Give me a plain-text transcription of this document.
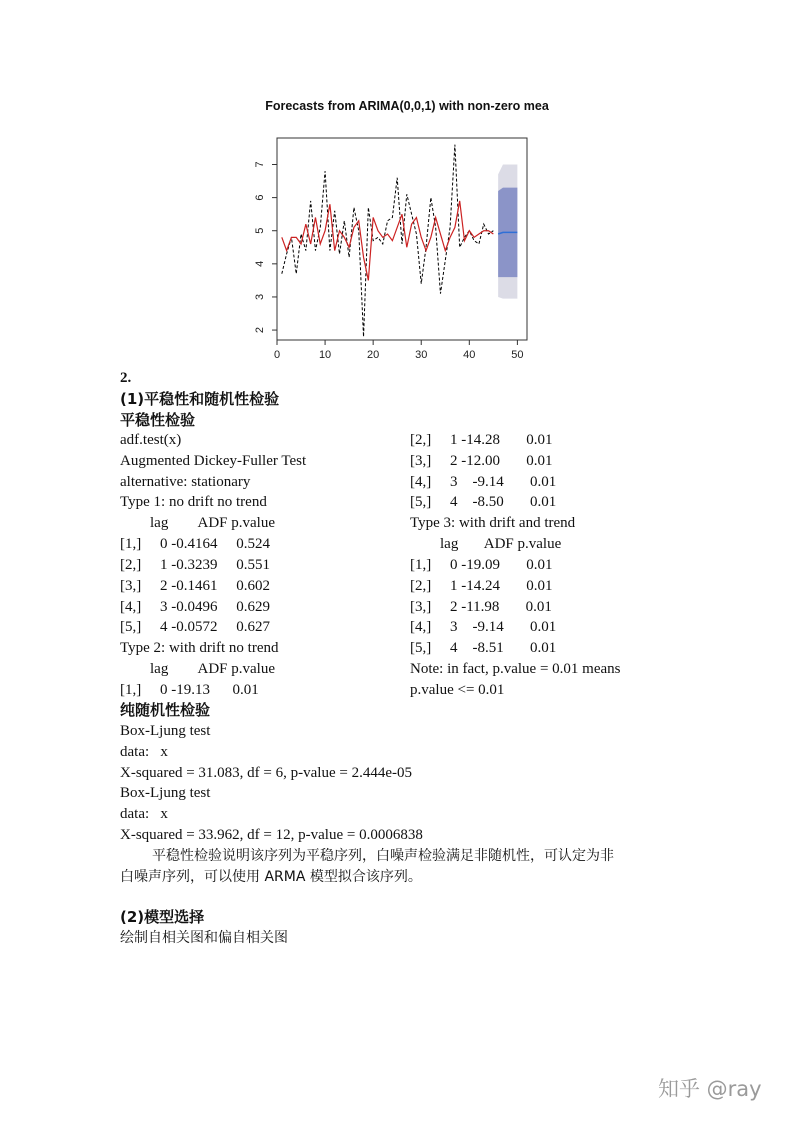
Forecasts from ARIMA(0,0,1) with non-zero mea
0	10	20	30	40	50
2
3
4
5
6
7
2.
(1)平稳性和随机性检验
平稳性检验
adf.test(x)
Augmented Dickey-Fuller Test
alternative: stationary
Type 1: no drift no trend
lag        ADF p.value
[1,]     0 -0.4164     0.524
[2,]     1 -0.3239     0.551
[3,]     2 -0.1461     0.602
[4,]     3 -0.0496     0.629
[5,]     4 -0.0572     0.627
Type 2: with drift no trend
lag        ADF p.value
[1,]     0 -19.13      0.01
[2,]     1 -14.28       0.01
[3,]     2 -12.00       0.01
[4,]     3    -9.14       0.01
[5,]     4    -8.50       0.01
Type 3: with drift and trend
lag       ADF p.value
[1,]     0 -19.09       0.01
[2,]     1 -14.24       0.01
[3,]     2 -11.98       0.01
[4,]     3    -9.14       0.01
[5,]     4    -8.51       0.01
Note: in fact, p.value = 0.01 means
p.value <= 0.01
纯随机性检验
Box-Ljung test
data:   x
X-squared = 31.083, df = 6, p-value = 2.444e-05
Box-Ljung test
data:   x
X-squared = 33.962, df = 12, p-value = 0.0006838
平稳性检验说明该序列为平稳序列，白噪声检验满足非随机性，可认定为非
白噪声序列，可以使用 ARMA 模型拟合该序列。
(2)模型选择
绘制自相关图和偏自相关图
知乎 @ray
